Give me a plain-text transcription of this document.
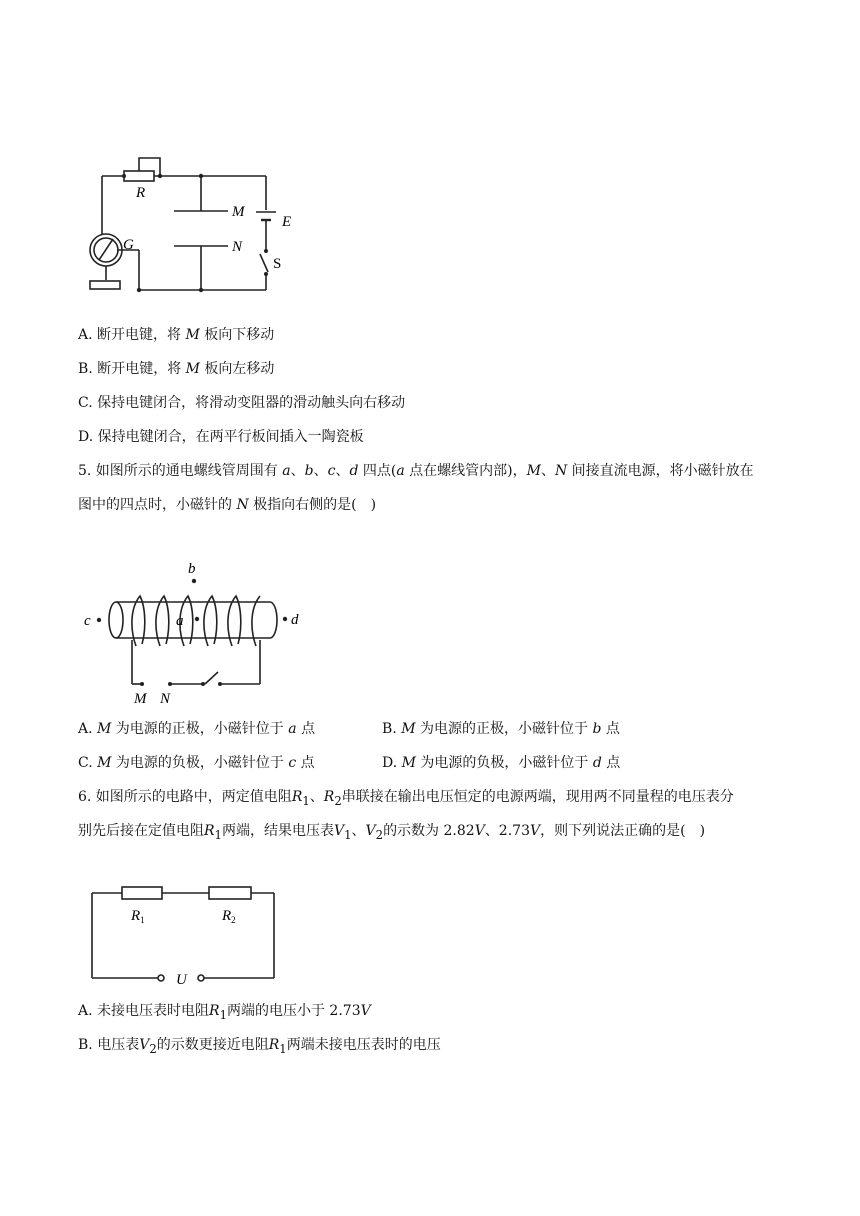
R
G
M
N
E
S
A. 断开电键，将 M 板向下移动
B. 断开电键，将 M 板向左移动
C. 保持电键闭合，将滑动变阻器的滑动触头向右移动
D. 保持电键闭合，在两平行板间插入一陶瓷板
5. 如图所示的通电螺线管周围有 a、b、c、d 四点(a 点在螺线管内部)，M、N 间接直流电源，将小磁针放在
图中的四点时，小磁针的 N 极指向右侧的是(　)
b
c	a	d
M N
A. M 为电源的正极，小磁针位于 a 点	B. M 为电源的正极，小磁针位于 b 点
C. M 为电源的负极，小磁针位于 c 点	D. M 为电源的负极，小磁针位于 d 点
6. 如图所示的电路中，两定值电阻$R_1$、$R_2$串联接在输出电压恒定的电源两端，现用两不同量程的电压表分
别先后接在定值电阻$R_1$两端，结果电压表$V_1$、$V_2$的示数为 2.82V、2.73V，则下列说法正确的是(　)
$R_1$	$R_2$
U
A. 未接电压表时电阻$R_1$两端的电压小于 2.73V
B. 电压表$V_2$的示数更接近电阻$R_1$两端未接电压表时的电压
